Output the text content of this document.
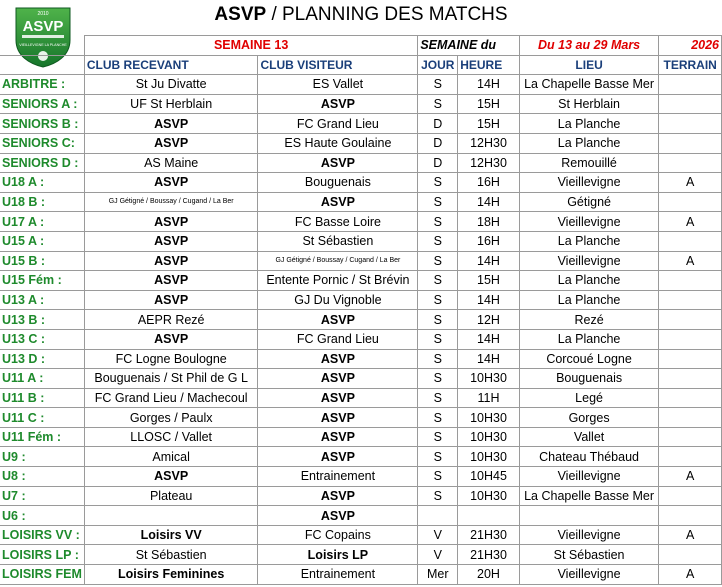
2010
ASVP
VIEILLEVIGNE LA PLANCHE
ASVP / PLANNING DES MATCHS
	SEMAINE 13		SEMAINE du		Du 13 au 29 Mars	2026
	CLUB RECEVANT	CLUB VISITEUR	JOUR	HEURE	LIEU	TERRAIN
ARBITRE :	St Ju Divatte	ES Vallet	S	14H	La Chapelle Basse Mer	
SENIORS A :	UF St Herblain	ASVP	S	15H	St Herblain	
SENIORS B :	ASVP	FC Grand Lieu	D	15H	La Planche	
SENIORS C:	ASVP	ES Haute Goulaine	D	12H30	La Planche	
SENIORS D :	AS Maine	ASVP	D	12H30	Remouillé	
U18 A :	ASVP	Bouguenais	S	16H	Vieillevigne	A
U18 B :	GJ Gétigné / Boussay / Cugand / La Ber	ASVP	S	14H	Gétigné	
U17 A :	ASVP	FC Basse Loire	S	18H	Vieillevigne	A
U15 A :	ASVP	St Sébastien	S	16H	La Planche	
U15 B :	ASVP	GJ Gétigné / Boussay / Cugand / La Ber	S	14H	Vieillevigne	A
U15 Fém :	ASVP	Entente Pornic / St Brévin	S	15H	La Planche	
U13 A :	ASVP	GJ Du Vignoble	S	14H	La Planche	
U13 B :	AEPR Rezé	ASVP	S	12H	Rezé	
U13 C :	ASVP	FC Grand Lieu	S	14H	La Planche	
U13 D :	FC Logne Boulogne	ASVP	S	14H	Corcoué Logne	
U11 A :	Bouguenais / St Phil de G L	ASVP	S	10H30	Bouguenais	
U11 B :	FC Grand Lieu / Machecoul	ASVP	S	11H	Legé	
U11 C :	Gorges / Paulx	ASVP	S	10H30	Gorges	
U11 Fém :	LLOSC / Vallet	ASVP	S	10H30	Vallet	
U9 :	Amical	ASVP	S	10H30	Chateau Thébaud	
U8 :	ASVP	Entrainement	S	10H45	Vieillevigne	A
U7 :	Plateau	ASVP	S	10H30	La Chapelle Basse Mer	
U6 :		ASVP				
LOISIRS VV :	Loisirs VV	FC Copains	V	21H30	Vieillevigne	A
LOISIRS LP :	St Sébastien	Loisirs LP	V	21H30	St Sébastien	
LOISIRS FEM	Loisirs Feminines	Entrainement	Mer	20H	Vieillevigne	A
